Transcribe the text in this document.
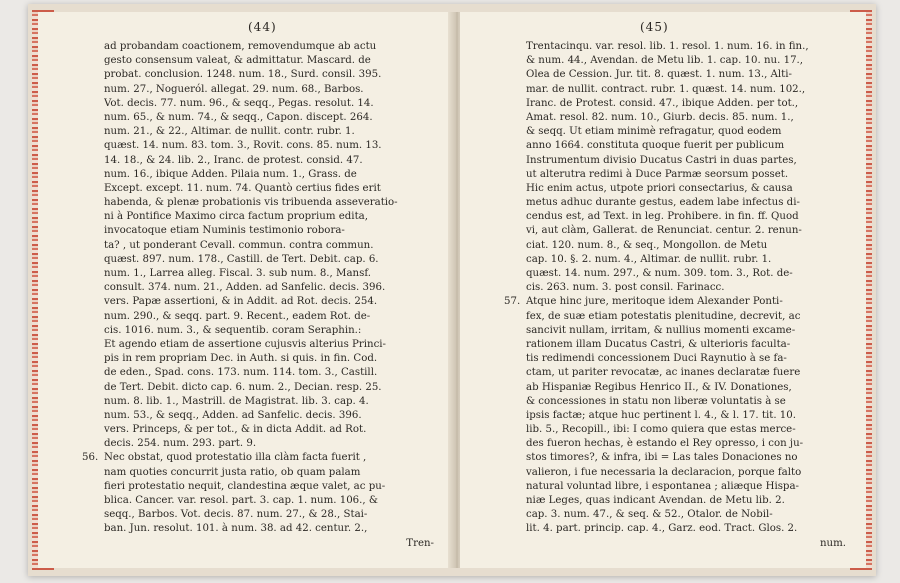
(44)
ad probandam coactionem, removendumque ab actu
gesto consensum valeat, & admittatur. Mascard. de
probat. conclusion. 1248. num. 18., Surd. consil. 395.
num. 27., Nogueról. allegat. 29. num. 68., Barbos.
Vot. decis. 77. num. 96., & seqq., Pegas. resolut. 14.
num. 65., & num. 74., & seqq., Capon. discept. 264.
num. 21., & 22., Altimar. de nullit. contr. rubr. 1.
quæst. 14. num. 83. tom. 3., Rovit. cons. 85. num. 13.
14. 18., & 24. lib. 2., Iranc. de protest. consid. 47.
num. 16., ibique Adden. Pilaia num. 1., Grass. de
Except. except. 11. num. 74. Quantò certius fides erit
habenda, & plenæ probationis vis tribuenda asseveratio-
ni à Pontifice Maximo circa factum proprium edita,
invocatoque etiam Numinis testimonio robora-
ta? , ut ponderant Cevall. commun. contra commun.
quæst. 897. num. 178., Castill. de Tert. Debit. cap. 6.
num. 1., Larrea alleg. Fiscal. 3. sub num. 8., Mansf.
consult. 374. num. 21., Adden. ad Sanfelic. decis. 396.
vers. Papæ assertioni, & in Addit. ad Rot. decis. 254.
num. 290., & seqq. part. 9. Recent., eadem Rot. de-
cis. 1016. num. 3., & sequentib. coram Seraphin.:
Et agendo etiam de assertione cujusvis alterius Princi-
pis in rem propriam Dec. in Auth. si quis. in fin. Cod.
de eden., Spad. cons. 173. num. 114. tom. 3., Castill.
de Tert. Debit. dicto cap. 6. num. 2., Decian. resp. 25.
num. 8. lib. 1., Mastrill. de Magistrat. lib. 3. cap. 4.
num. 53., & seqq., Adden. ad Sanfelic. decis. 396.
vers. Princeps, & per tot., & in dicta Addit. ad Rot.
decis. 254. num. 293. part. 9.
56. Nec obstat, quod protestatio illa clàm facta fuerit ,
nam quoties concurrit justa ratio, ob quam palam
fieri protestatio nequit, clandestina æque valet, ac pu-
blica. Cancer. var. resol. part. 3. cap. 1. num. 106., &
seqq., Barbos. Vot. decis. 87. num. 27., & 28., Stai-
ban. Jun. resolut. 101. à num. 38. ad 42. centur. 2.,
Tren-
(45)
Trentacinqu. var. resol. lib. 1. resol. 1. num. 16. in fin.,
& num. 44., Avendan. de Metu lib. 1. cap. 10. nu. 17.,
Olea de Cession. Jur. tit. 8. quæst. 1. num. 13., Alti-
mar. de nullit. contract. rubr. 1. quæst. 14. num. 102.,
Iranc. de Protest. consid. 47., ibique Adden. per tot.,
Amat. resol. 82. num. 10., Giurb. decis. 85. num. 1.,
& seqq. Ut etiam minimè refragatur, quod eodem
anno 1664. constituta quoque fuerit per publicum
Instrumentum divisio Ducatus Castri in duas partes,
ut alterutra redimi à Duce Parmæ seorsum posset.
Hic enim actus, utpote priori consectarius, & causa
metus adhuc durante gestus, eadem labe infectus di-
cendus est, ad Text. in leg. Prohibere. in fin. ff. Quod
vi, aut clàm, Gallerat. de Renunciat. centur. 2. renun-
ciat. 120. num. 8., & seq., Mongollon. de Metu
cap. 10. §. 2. num. 4., Altimar. de nullit. rubr. 1.
quæst. 14. num. 297., & num. 309. tom. 3., Rot. de-
cis. 263. num. 3. post consil. Farinacc.
57. Atque hinc jure, meritoque idem Alexander Ponti-
fex, de suæ etiam potestatis plenitudine, decrevit, ac
sancivit nullam, irritam, & nullius momenti excame-
rationem illam Ducatus Castri, & ulterioris faculta-
tis redimendi concessionem Duci Raynutio à se fa-
ctam, ut pariter revocatæ, ac inanes declaratæ fuere
ab Hispaniæ Regibus Henrico II., & IV. Donationes,
& concessiones in statu non liberæ voluntatis à se
ipsis factæ; atque huc pertinent l. 4., & l. 17. tit. 10.
lib. 5., Recopill., ibi: I como quiera que estas merce-
des fueron hechas, è estando el Rey opresso, i con ju-
stos timores?, & infra, ibi = Las tales Donaciones no
valieron, i fue necessaria la declaracion, porque falto
natural voluntad libre, i espontanea ; aliæque Hispa-
niæ Leges, quas indicant Avendan. de Metu lib. 2.
cap. 3. num. 47., & seq. & 52., Otalor. de Nobil-
lit. 4. part. princip. cap. 4., Garz. eod. Tract. Glos. 2.
num.
